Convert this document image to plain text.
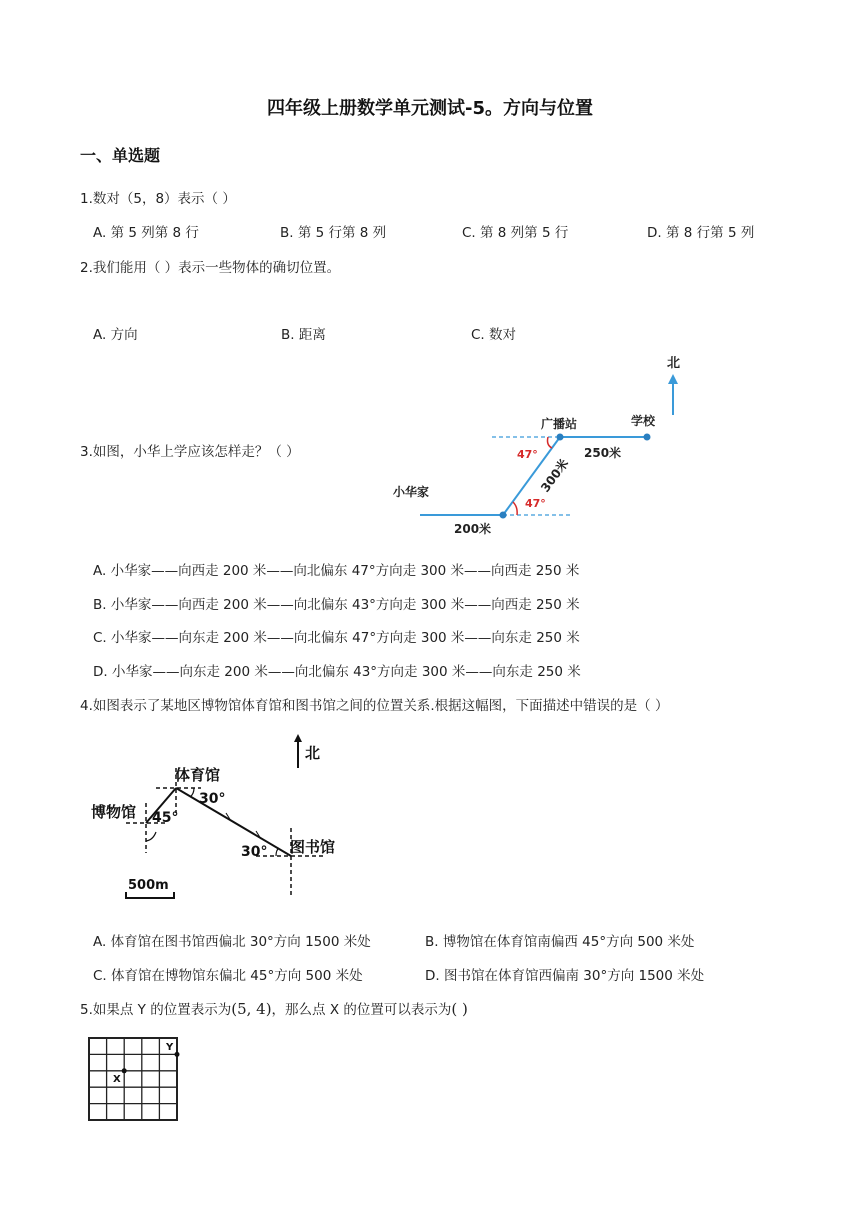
四年级上册数学单元测试-5。方向与位置
一、单选题
1.数对（5，8）表示（ ）
A. 第 5 列第 8 行	B. 第 5 行第 8 列	C. 第 8 列第 5 行	D. 第 8 行第 5 列
2.我们能用（ ）表示一些物体的确切位置。
A. 方向	B. 距离	C. 数对
3.如图，小华上学应该怎样走？（ ）
北
广播站	学校
小华家
47°
47°
250米
300米
200米
A. 小华家——向西走 200 米——向北偏东 47°方向走 300 米——向西走 250 米
B. 小华家——向西走 200 米——向北偏东 43°方向走 300 米——向西走 250 米
C. 小华家——向东走 200 米——向北偏东 47°方向走 300 米——向东走 250 米
D. 小华家——向东走 200 米——向北偏东 43°方向走 300 米——向东走 250 米
4.如图表示了某地区博物馆体育馆和图书馆之间的位置关系.根据这幅图，下面描述中错误的是（ ）
北
体育馆
博物馆
图书馆
30°
45°
30°
500m
A. 体育馆在图书馆西偏北 30°方向 1500 米处	B. 博物馆在体育馆南偏西 45°方向 500 米处
C. 体育馆在博物馆东偏北 45°方向 500 米处	D. 图书馆在体育馆西偏南 30°方向 1500 米处
5.如果点 Y 的位置表示为(5, 4)，那么点 X 的位置可以表示为( )
Y
X
